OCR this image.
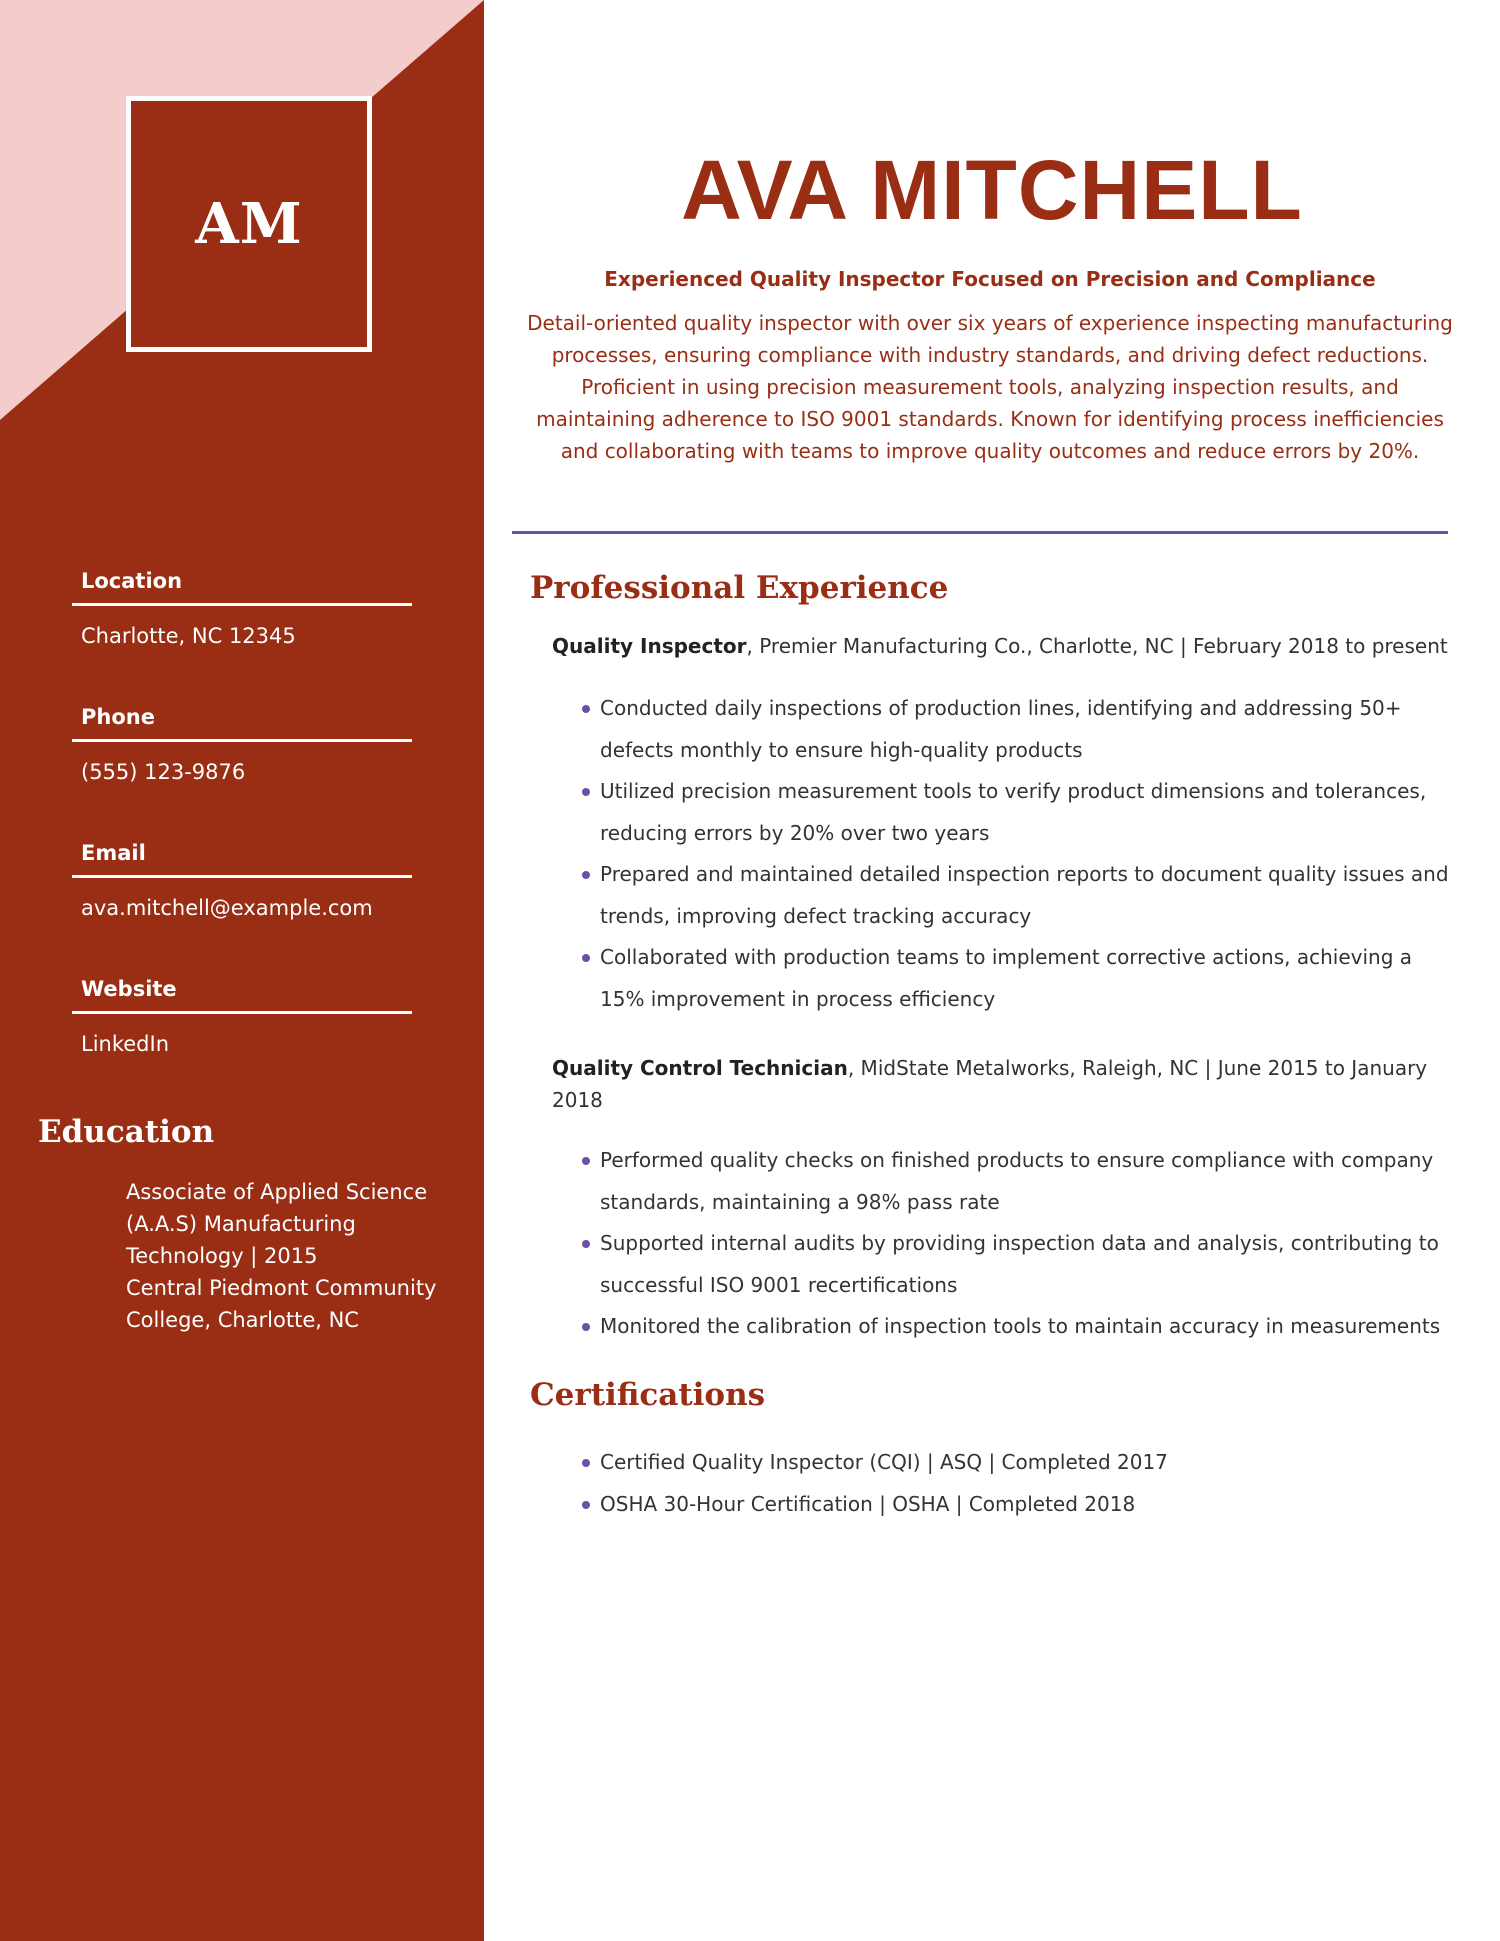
AM
Location
Charlotte, NC 12345
Phone
(555) 123-9876
Email
ava.mitchell@example.com
Website
LinkedIn
Education
Associate of Applied Science
(A.A.S) Manufacturing
Technology | 2015
Central Piedmont Community
College, Charlotte, NC
AVA MITCHELL
Experienced Quality Inspector Focused on Precision and Compliance
Detail-oriented quality inspector with over six years of experience inspecting manufacturing processes, ensuring compliance with industry standards, and driving defect reductions. Proficient in using precision measurement tools, analyzing inspection results, and maintaining adherence to ISO 9001 standards. Known for identifying process inefficiencies and collaborating with teams to improve quality outcomes and reduce errors by 20%.
Professional Experience
Quality Inspector, Premier Manufacturing Co., Charlotte, NC | February 2018 to present
Conducted daily inspections of production lines, identifying and addressing 50+ defects monthly to ensure high-quality products
Utilized precision measurement tools to verify product dimensions and tolerances, reducing errors by 20% over two years
Prepared and maintained detailed inspection reports to document quality issues and trends, improving defect tracking accuracy
Collaborated with production teams to implement corrective actions, achieving a 15% improvement in process efficiency
Quality Control Technician, MidState Metalworks, Raleigh, NC | June 2015 to January 2018
Performed quality checks on finished products to ensure compliance with company standards, maintaining a 98% pass rate
Supported internal audits by providing inspection data and analysis, contributing to successful ISO 9001 recertifications
Monitored the calibration of inspection tools to maintain accuracy in measurements
Certifications
Certified Quality Inspector (CQI) | ASQ | Completed 2017
OSHA 30-Hour Certification | OSHA | Completed 2018
